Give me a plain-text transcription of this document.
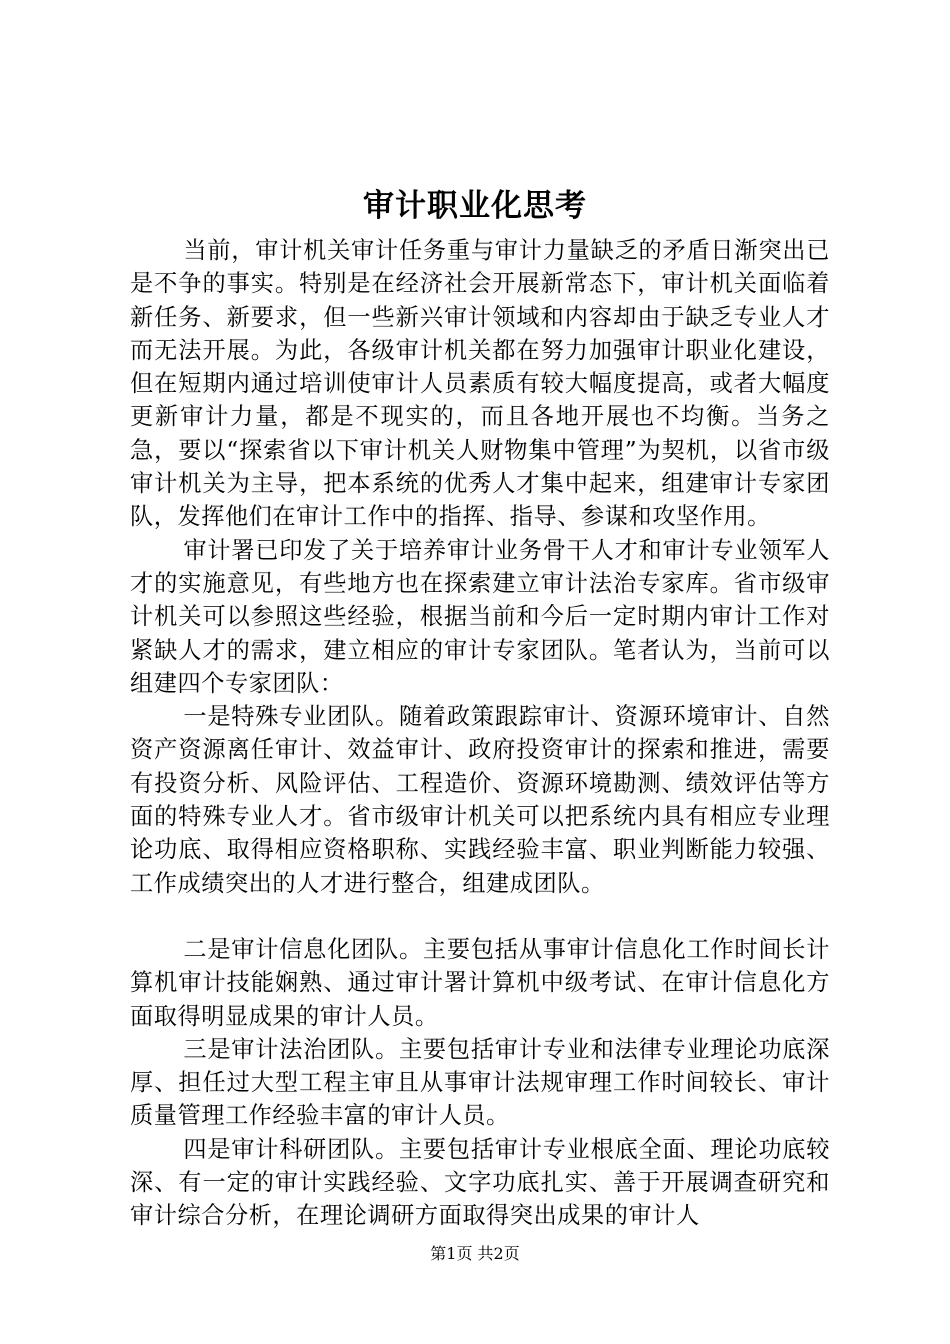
审计职业化思考

当前，审计机关审计任务重与审计力量缺乏的矛盾日渐突出已是不争的事实。特别是在经济社会开展新常态下，审计机关面临着新任务、新要求，但一些新兴审计领域和内容却由于缺乏专业人才而无法开展。为此，各级审计机关都在努力加强审计职业化建设，但在短期内通过培训使审计人员素质有较大幅度提高，或者大幅度更新审计力量，都是不现实的，而且各地开展也不均衡。当务之急，要以“探索省以下审计机关人财物集中管理”为契机，以省市级审计机关为主导，把本系统的优秀人才集中起来，组建审计专家团队，发挥他们在审计工作中的指挥、指导、参谋和攻坚作用。

审计署已印发了关于培养审计业务骨干人才和审计专业领军人才的实施意见，有些地方也在探索建立审计法治专家库。省市级审计机关可以参照这些经验，根据当前和今后一定时期内审计工作对紧缺人才的需求，建立相应的审计专家团队。笔者认为，当前可以组建四个专家团队：

一是特殊专业团队。随着政策跟踪审计、资源环境审计、自然资产资源离任审计、效益审计、政府投资审计的探索和推进，需要有投资分析、风险评估、工程造价、资源环境勘测、绩效评估等方面的特殊专业人才。省市级审计机关可以把系统内具有相应专业理论功底、取得相应资格职称、实践经验丰富、职业判断能力较强、工作成绩突出的人才进行整合，组建成团队。

二是审计信息化团队。主要包括从事审计信息化工作时间长计算机审计技能娴熟、通过审计署计算机中级考试、在审计信息化方面取得明显成果的审计人员。

三是审计法治团队。主要包括审计专业和法律专业理论功底深厚、担任过大型工程主审且从事审计法规审理工作时间较长、审计质量管理工作经验丰富的审计人员。

四是审计科研团队。主要包括审计专业根底全面、理论功底较深、有一定的审计实践经验、文字功底扎实、善于开展调查研究和审计综合分析，在理论调研方面取得突出成果的审计人

第1页 共2页
